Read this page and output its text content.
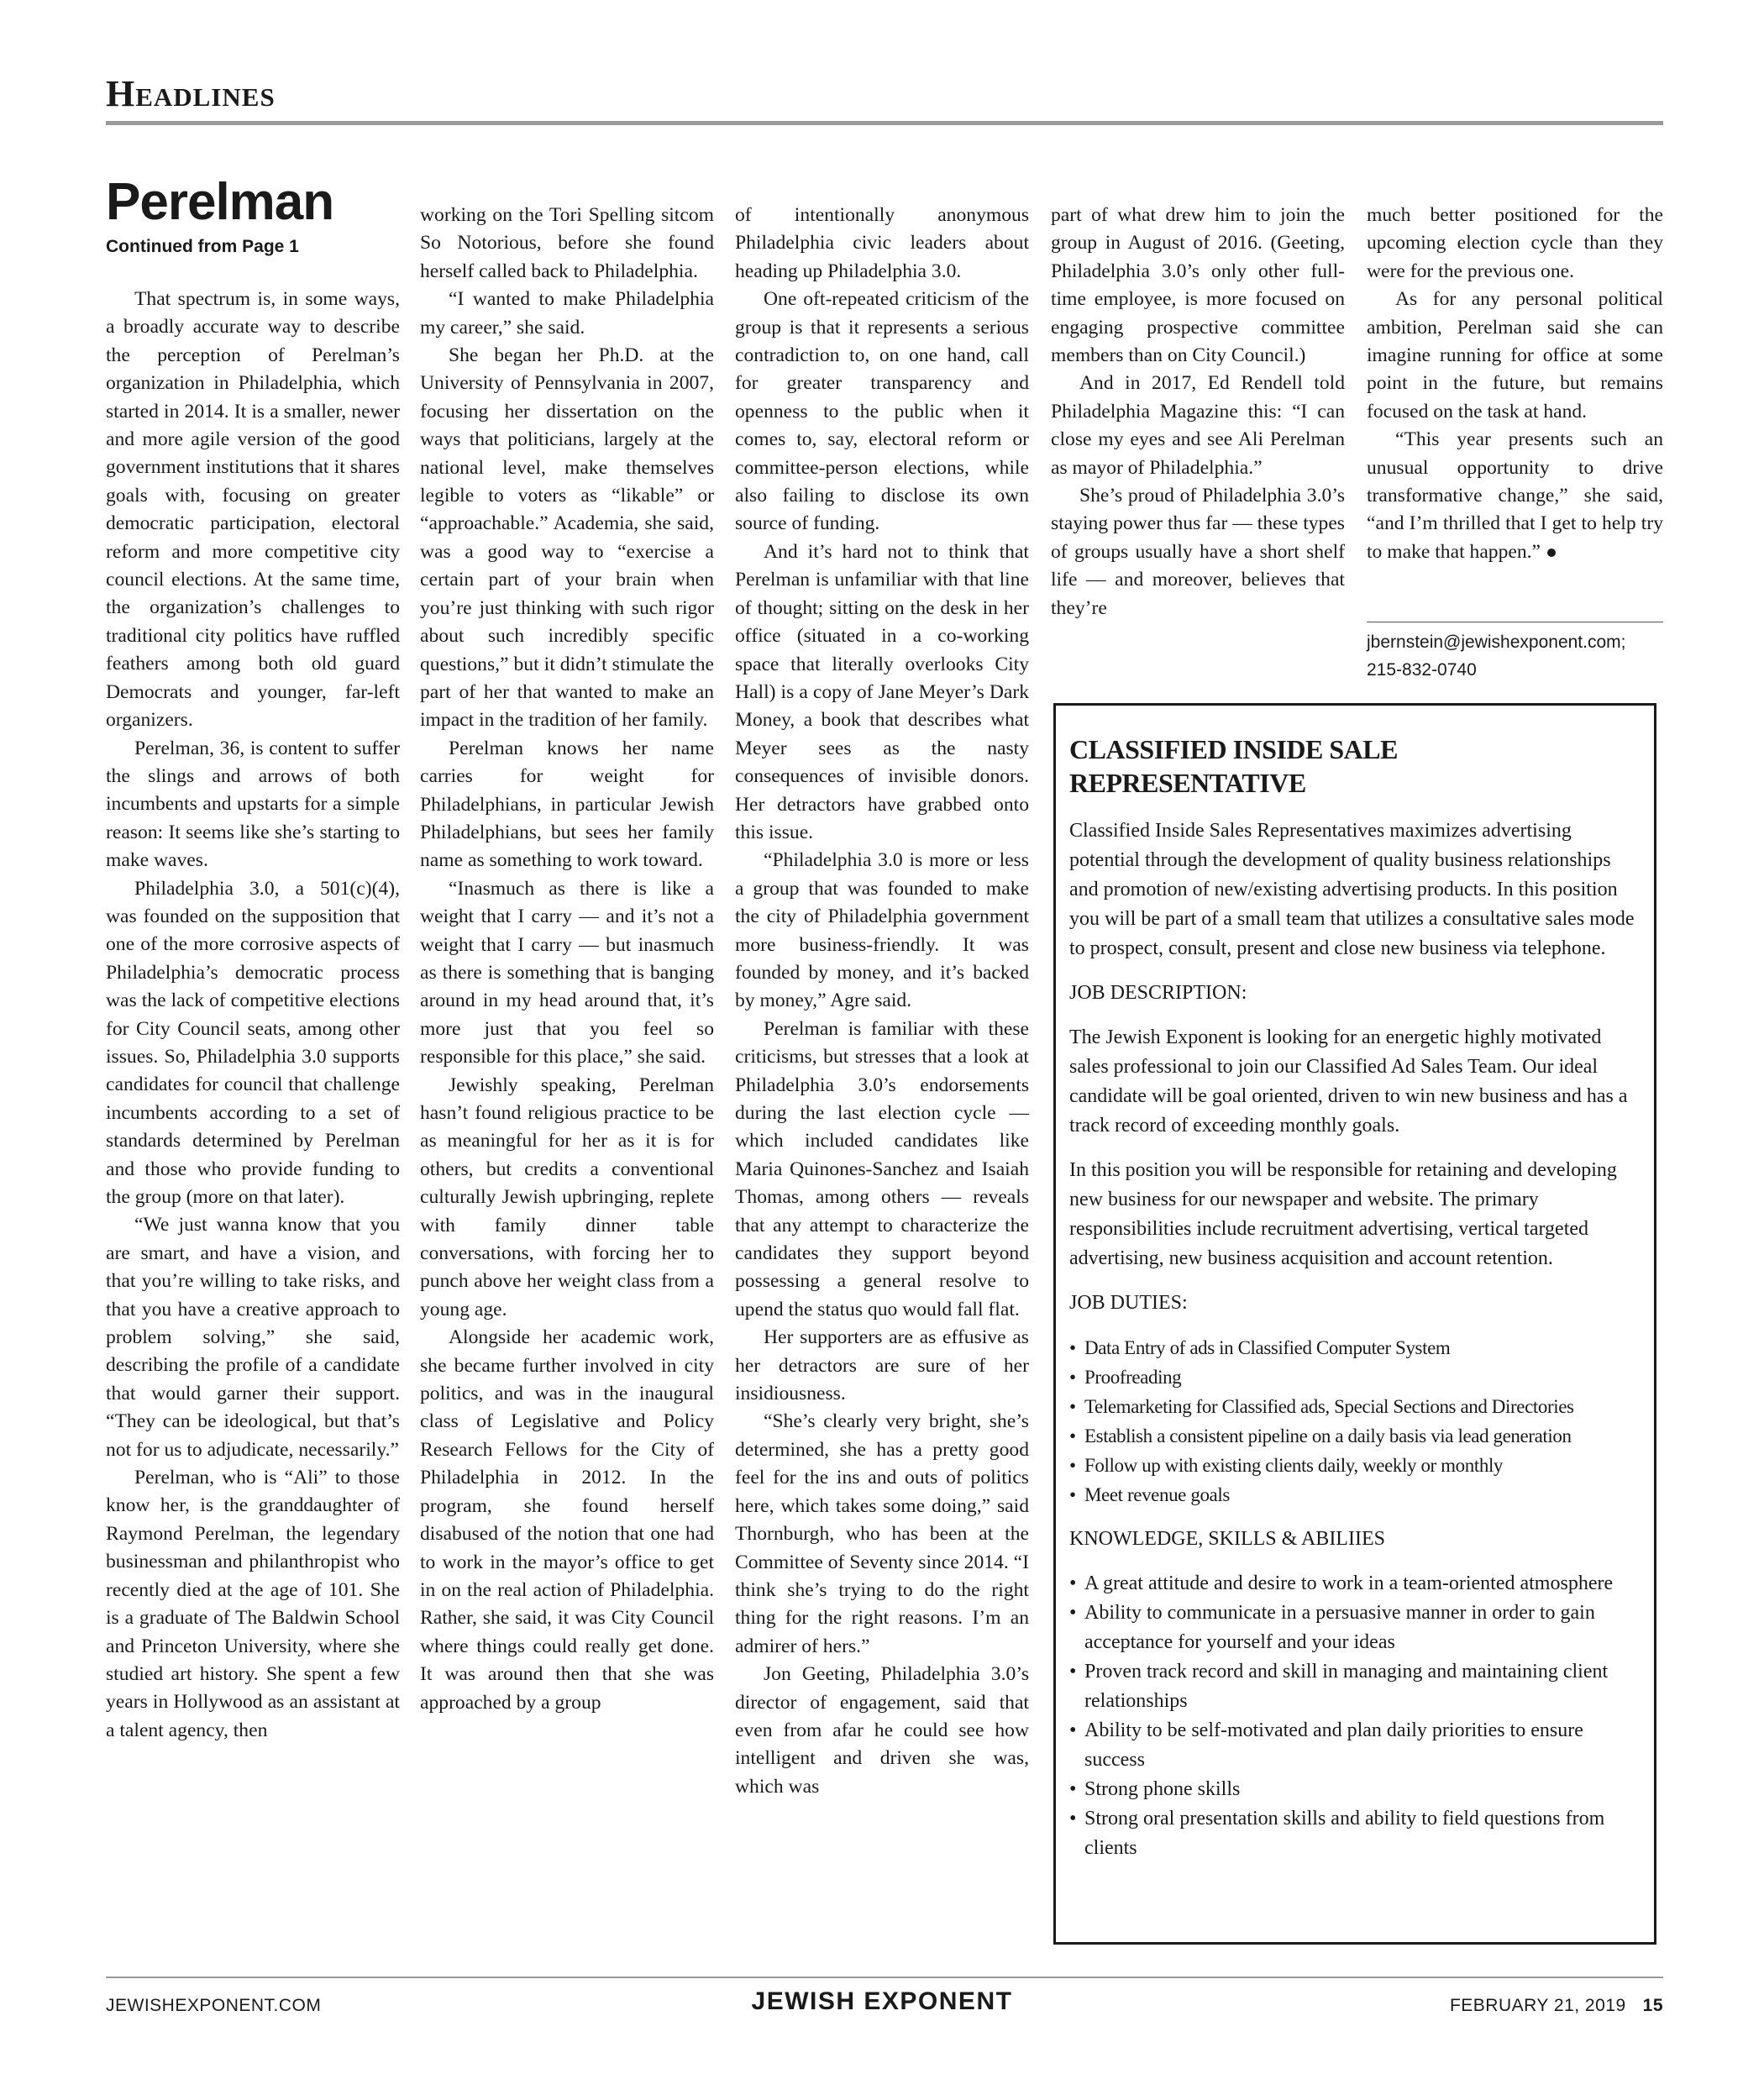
Headlines
Perelman
Continued from Page 1

That spectrum is, in some ways, a broadly accurate way to describe the perception of Perelman’s organization in Philadelphia, which started in 2014. It is a smaller, newer and more agile version of the good government institutions that it shares goals with, focusing on greater democratic participation, electoral reform and more competitive city council elections. At the same time, the organization’s challenges to traditional city politics have ruffled feathers among both old guard Democrats and younger, far-left organizers.

Perelman, 36, is content to suffer the slings and arrows of both incumbents and upstarts for a simple reason: It seems like she’s starting to make waves.

Philadelphia 3.0, a 501(c)(4), was founded on the supposition that one of the more corrosive aspects of Philadelphia’s democratic process was the lack of competitive elections for City Council seats, among other issues. So, Philadelphia 3.0 supports candidates for council that challenge incumbents according to a set of standards determined by Perelman and those who provide funding to the group (more on that later).

“We just wanna know that you are smart, and have a vision, and that you’re willing to take risks, and that you have a creative approach to problem solving,” she said, describing the profile of a candidate that would garner their support. “They can be ideological, but that’s not for us to adjudicate, necessarily.”

Perelman, who is “Ali” to those know her, is the granddaughter of Raymond Perelman, the legendary businessman and philanthropist who recently died at the age of 101. She is a graduate of The Baldwin School and Princeton University, where she studied art history. She spent a few years in Hollywood as an assistant at a talent agency, then

working on the Tori Spelling sitcom So Notorious, before she found herself called back to Philadelphia.

“I wanted to make Philadelphia my career,” she said.

She began her Ph.D. at the University of Pennsylvania in 2007, focusing her dissertation on the ways that politicians, largely at the national level, make themselves legible to voters as “likable” or “approachable.” Academia, she said, was a good way to “exercise a certain part of your brain when you’re just thinking with such rigor about such incredibly specific questions,” but it didn’t stimulate the part of her that wanted to make an impact in the tradition of her family.

Perelman knows her name carries for weight for Philadelphians, in particular Jewish Philadelphians, but sees her family name as something to work toward.

“Inasmuch as there is like a weight that I carry — and it’s not a weight that I carry — but inasmuch as there is something that is banging around in my head around that, it’s more just that you feel so responsible for this place,” she said.

Jewishly speaking, Perelman hasn’t found religious practice to be as meaningful for her as it is for others, but credits a conventional culturally Jewish upbringing, replete with family dinner table conversations, with forcing her to punch above her weight class from a young age.

Alongside her academic work, she became further involved in city politics, and was in the inaugural class of Legislative and Policy Research Fellows for the City of Philadelphia in 2012. In the program, she found herself disabused of the notion that one had to work in the mayor’s office to get in on the real action of Philadelphia. Rather, she said, it was City Council where things could really get done. It was around then that she was approached by a group

of intentionally anonymous Philadelphia civic leaders about heading up Philadelphia 3.0.

One oft-repeated criticism of the group is that it represents a serious contradiction to, on one hand, call for greater transparency and openness to the public when it comes to, say, electoral reform or committee-person elections, while also failing to disclose its own source of funding.

And it’s hard not to think that Perelman is unfamiliar with that line of thought; sitting on the desk in her office (situated in a co-working space that literally overlooks City Hall) is a copy of Jane Meyer’s Dark Money, a book that describes what Meyer sees as the nasty consequences of invisible donors. Her detractors have grabbed onto this issue.

“Philadelphia 3.0 is more or less a group that was founded to make the city of Philadelphia government more business-friendly. It was founded by money, and it’s backed by money,” Agre said.

Perelman is familiar with these criticisms, but stresses that a look at Philadelphia 3.0’s endorsements during the last election cycle — which included candidates like Maria Quinones-Sanchez and Isaiah Thomas, among others — reveals that any attempt to characterize the candidates they support beyond possessing a general resolve to upend the status quo would fall flat.

Her supporters are as effusive as her detractors are sure of her insidiousness.

“She’s clearly very bright, she’s determined, she has a pretty good feel for the ins and outs of politics here, which takes some doing,” said Thornburgh, who has been at the Committee of Seventy since 2014. “I think she’s trying to do the right thing for the right reasons. I’m an admirer of hers.”

Jon Geeting, Philadelphia 3.0’s director of engagement, said that even from afar he could see how intelligent and driven she was, which was

part of what drew him to join the group in August of 2016. (Geeting, Philadelphia 3.0’s only other full-time employee, is more focused on engaging prospective committee members than on City Council.)

And in 2017, Ed Rendell told Philadelphia Magazine this: “I can close my eyes and see Ali Perelman as mayor of Philadelphia.”

She’s proud of Philadelphia 3.0’s staying power thus far — these types of groups usually have a short shelf life — and moreover, believes that they’re

much better positioned for the upcoming election cycle than they were for the previous one.

As for any personal political ambition, Perelman said she can imagine running for office at some point in the future, but remains focused on the task at hand.

“This year presents such an unusual opportunity to drive transformative change,” she said, “and I’m thrilled that I get to help try to make that happen.”

jbernstein@jewishexponent.com;
215-832-0740
CLASSIFIED INSIDE SALE REPRESENTATIVE

Classified Inside Sales Representatives maximizes advertising potential through the development of quality business relationships and promotion of new/existing advertising products. In this position you will be part of a small team that utilizes a consultative sales mode to prospect, consult, present and close new business via telephone.

JOB DESCRIPTION:

The Jewish Exponent is looking for an energetic highly motivated sales professional to join our Classified Ad Sales Team. Our ideal candidate will be goal oriented, driven to win new business and has a track record of exceeding monthly goals.

In this position you will be responsible for retaining and developing new business for our newspaper and website. The primary responsibilities include recruitment advertising, vertical targeted advertising, new business acquisition and account retention.

JOB DUTIES:

• Data Entry of ads in Classified Computer System
• Proofreading
• Telemarketing for Classified ads, Special Sections and Directories
• Establish a consistent pipeline on a daily basis via lead generation
• Follow up with existing clients daily, weekly or monthly
• Meet revenue goals

KNOWLEDGE, SKILLS & ABILIIES

• A great attitude and desire to work in a team-oriented atmosphere
• Ability to communicate in a persuasive manner in order to gain acceptance for yourself and your ideas
• Proven track record and skill in managing and maintaining client relationships
• Ability to be self-motivated and plan daily priorities to ensure success
• Strong phone skills
• Strong oral presentation skills and ability to field questions from clients
JEWISHEXPONENT.COM	JEWISH EXPONENT	FEBRUARY 21, 2019 15
